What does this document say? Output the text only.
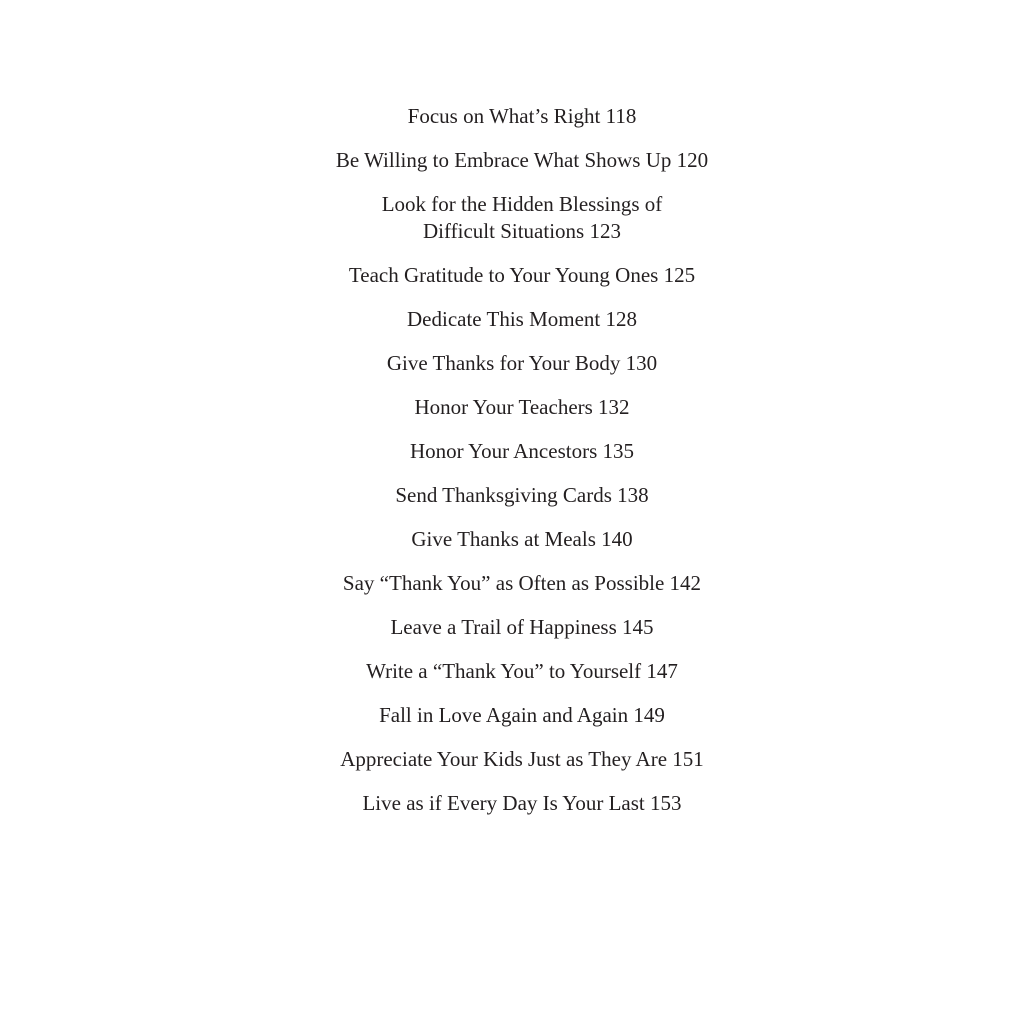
Focus on What’s Right 118
Be Willing to Embrace What Shows Up 120
Look for the Hidden Blessings of
Difficult Situations 123
Teach Gratitude to Your Young Ones 125
Dedicate This Moment 128
Give Thanks for Your Body 130
Honor Your Teachers 132
Honor Your Ancestors 135
Send Thanksgiving Cards 138
Give Thanks at Meals 140
Say “Thank You” as Often as Possible 142
Leave a Trail of Happiness 145
Write a “Thank You” to Yourself 147
Fall in Love Again and Again 149
Appreciate Your Kids Just as They Are 151
Live as if Every Day Is Your Last 153
